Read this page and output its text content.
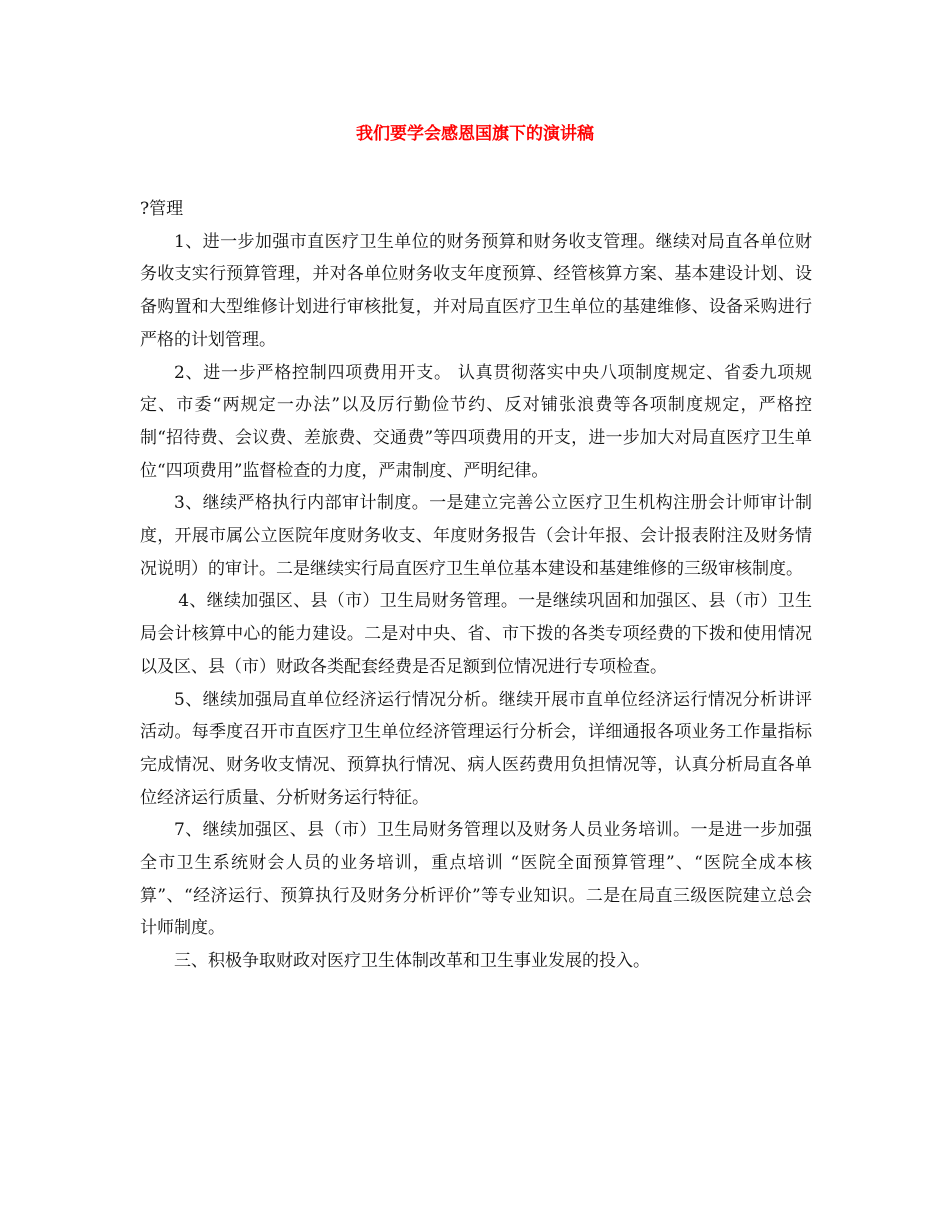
我们要学会感恩国旗下的演讲稿

?管理

1、进一步加强市直医疗卫生单位的财务预算和财务收支管理。继续对局直各单位财务收支实行预算管理，并对各单位财务收支年度预算、经管核算方案、基本建设计划、设备购置和大型维修计划进行审核批复，并对局直医疗卫生单位的基建维修、设备采购进行严格的计划管理。

2、进一步严格控制四项费用开支。 认真贯彻落实中央八项制度规定、省委九项规定、市委“两规定一办法”以及厉行勤俭节约、反对铺张浪费等各项制度规定，严格控制“招待费、会议费、差旅费、交通费”等四项费用的开支，进一步加大对局直医疗卫生单位“四项费用”监督检查的力度，严肃制度、严明纪律。

3、继续严格执行内部审计制度。一是建立完善公立医疗卫生机构注册会计师审计制度，开展市属公立医院年度财务收支、年度财务报告（会计年报、会计报表附注及财务情况说明）的审计。二是继续实行局直医疗卫生单位基本建设和基建维修的三级审核制度。

4、继续加强区、县（市）卫生局财务管理。一是继续巩固和加强区、县（市）卫生局会计核算中心的能力建设。二是对中央、省、市下拨的各类专项经费的下拨和使用情况以及区、县（市）财政各类配套经费是否足额到位情况进行专项检查。

5、继续加强局直单位经济运行情况分析。继续开展市直单位经济运行情况分析讲评活动。每季度召开市直医疗卫生单位经济管理运行分析会，详细通报各项业务工作量指标完成情况、财务收支情况、预算执行情况、病人医药费用负担情况等，认真分析局直各单位经济运行质量、分析财务运行特征。

7、继续加强区、县（市）卫生局财务管理以及财务人员业务培训。一是进一步加强全市卫生系统财会人员的业务培训，重点培训 “医院全面预算管理”、“医院全成本核算”、“经济运行、预算执行及财务分析评价”等专业知识。二是在局直三级医院建立总会计师制度。

三、积极争取财政对医疗卫生体制改革和卫生事业发展的投入。
